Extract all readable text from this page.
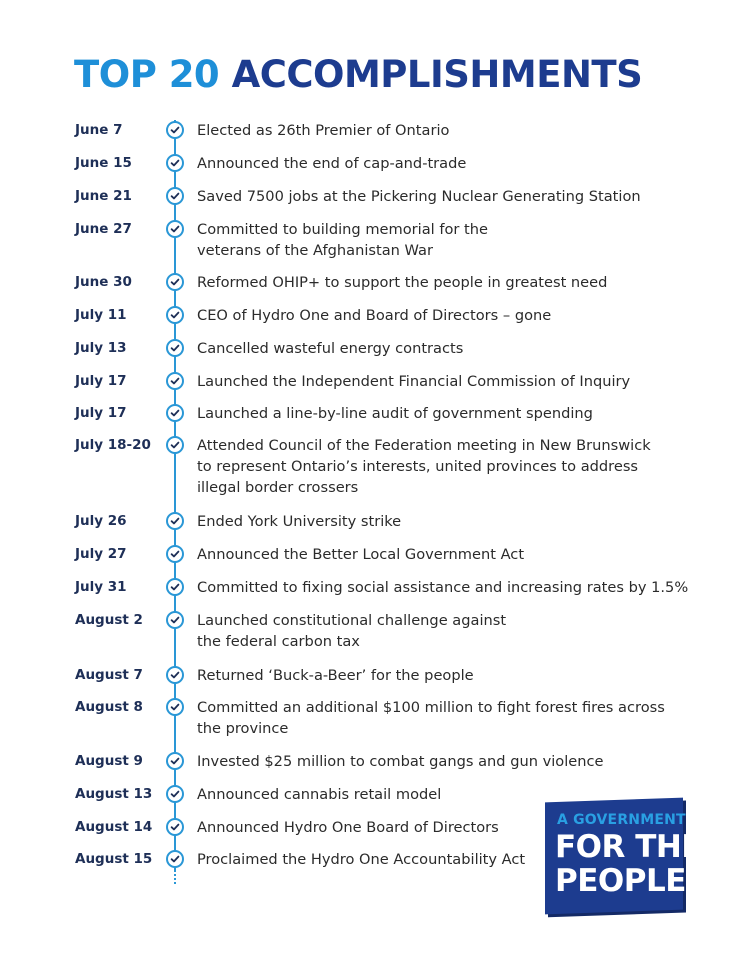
TOP 20 ACCOMPLISHMENTS
June 7	Elected as 26th Premier of Ontario
June 15	Announced the end of cap-and-trade
June 21	Saved 7500 jobs at the Pickering Nuclear Generating Station
June 27	Committed to building memorial for the
veterans of the Afghanistan War
June 30	Reformed OHIP+ to support the people in greatest need
July 11	CEO of Hydro One and Board of Directors – gone
July 13	Cancelled wasteful energy contracts
July 17	Launched the Independent Financial Commission of Inquiry
July 17	Launched a line-by-line audit of government spending
July 18-20	Attended Council of the Federation meeting in New Brunswick
to represent Ontario’s interests, united provinces to address
illegal border crossers
July 26	Ended York University strike
July 27	Announced the Better Local Government Act
July 31	Committed to fixing social assistance and increasing rates by 1.5%
August 2	Launched constitutional challenge against
the federal carbon tax
August 7	Returned ‘Buck-a-Beer’ for the people
August 8	Committed an additional $100 million to fight forest fires across
the province
August 9	Invested $25 million to combat gangs and gun violence
August 13	Announced cannabis retail model
August 14	Announced Hydro One Board of Directors
August 15	Proclaimed the Hydro One Accountability Act
A GOVERNMENT
FOR THE
PEOPLE
